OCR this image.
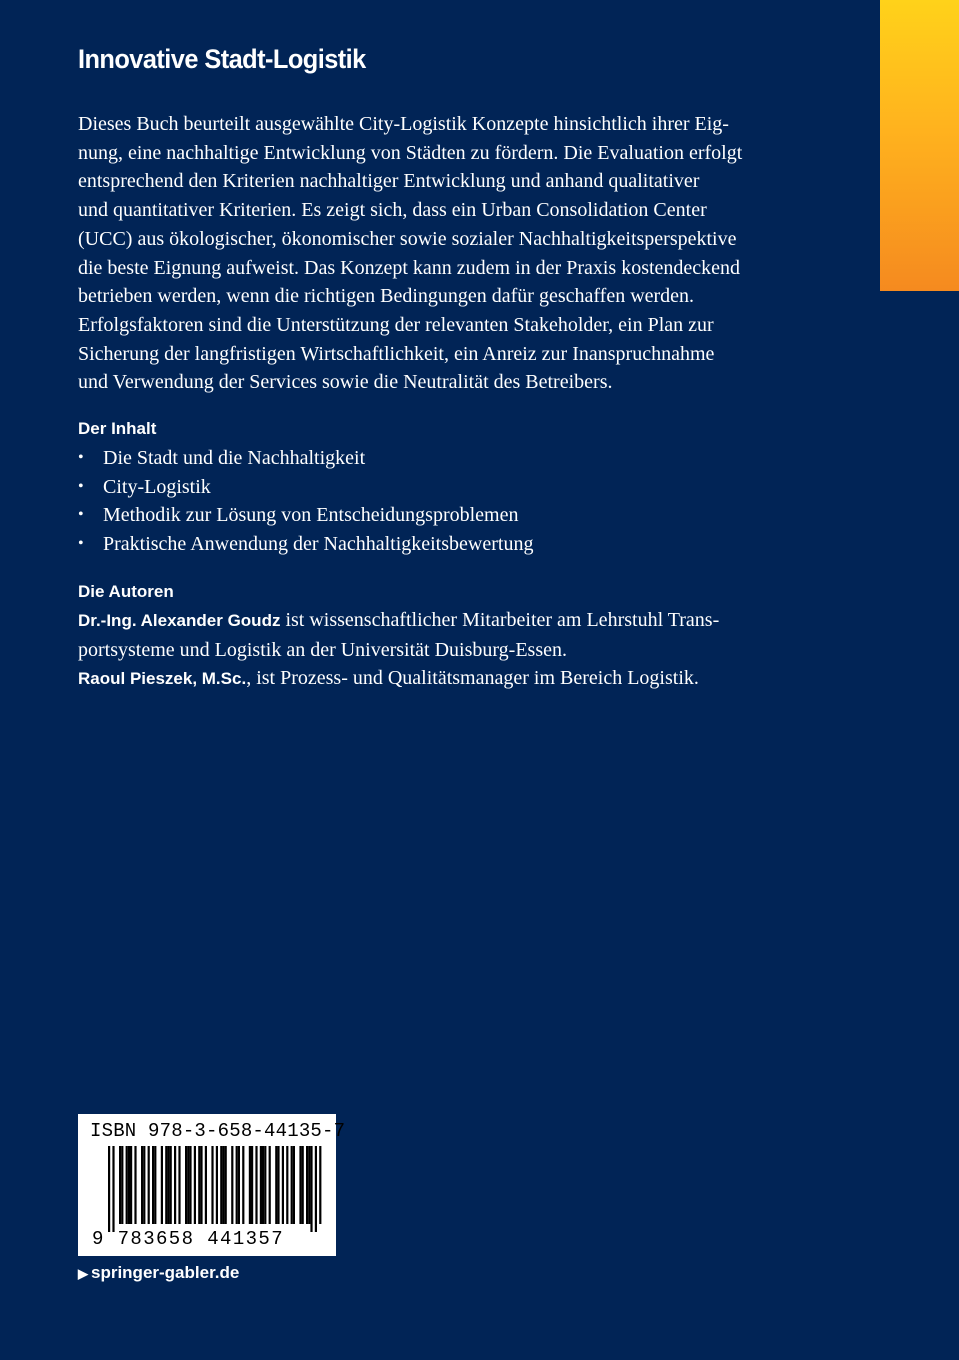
Innovative Stadt-Logistik

Dieses Buch beurteilt ausgewählte City-Logistik Konzepte hinsichtlich ihrer Eig-
nung, eine nachhaltige Entwicklung von Städten zu fördern. Die Evaluation erfolgt
entsprechend den Kriterien nachhaltiger Entwicklung und anhand qualitativer
und quantitativer Kriterien. Es zeigt sich, dass ein Urban Consolidation Center
(UCC) aus ökologischer, ökonomischer sowie sozialer Nachhaltigkeitsperspektive
die beste Eignung aufweist. Das Konzept kann zudem in der Praxis kostendeckend
betrieben werden, wenn die richtigen Bedingungen dafür geschaffen werden.
Erfolgsfaktoren sind die Unterstützung der relevanten Stakeholder, ein Plan zur
Sicherung der langfristigen Wirtschaftlichkeit, ein Anreiz zur Inanspruchnahme
und Verwendung der Services sowie die Neutralität des Betreibers.

Der Inhalt
• Die Stadt und die Nachhaltigkeit
• City-Logistik
• Methodik zur Lösung von Entscheidungsproblemen
• Praktische Anwendung der Nachhaltigkeitsbewertung
Die Autoren
Dr.-Ing. Alexander Goudz ist wissenschaftlicher Mitarbeiter am Lehrstuhl Trans-
portsysteme und Logistik an der Universität Duisburg-Essen.
Raoul Pieszek, M.Sc., ist Prozess- und Qualitätsmanager im Bereich Logistik.
ISBN 978-3-658-44135-7
9 783658 441357
▶ springer-gabler.de
